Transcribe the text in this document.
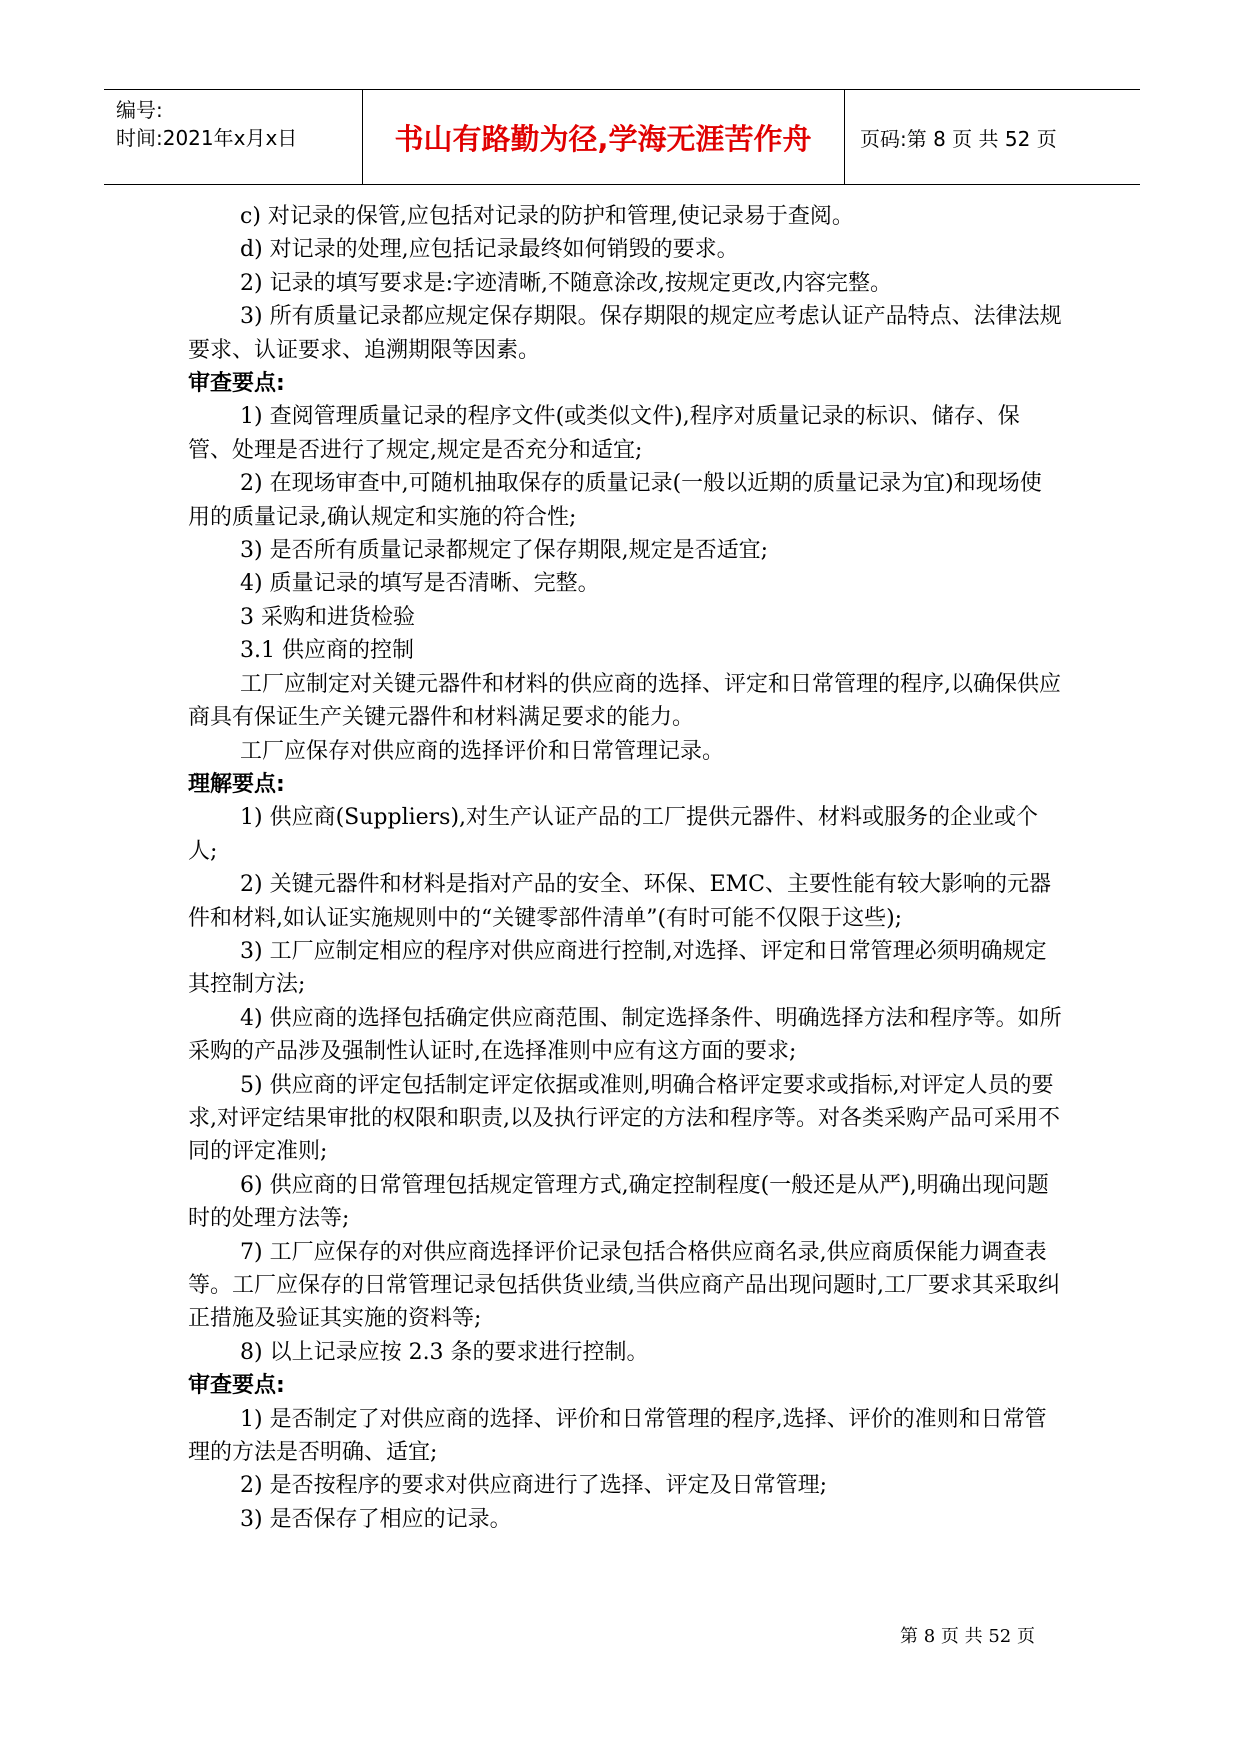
编号:
时间:2021年x月x日	书山有路勤为径,学海无涯苦作舟	页码:第 8 页 共 52 页

c) 对记录的保管,应包括对记录的防护和管理,使记录易于查阅。

d) 对记录的处理,应包括记录最终如何销毁的要求。

2) 记录的填写要求是:字迹清晰,不随意涂改,按规定更改,内容完整。

3) 所有质量记录都应规定保存期限。保存期限的规定应考虑认证产品特点、法律法规要求、认证要求、追溯期限等因素。

审查要点:

1) 查阅管理质量记录的程序文件(或类似文件),程序对质量记录的标识、储存、保管、处理是否进行了规定,规定是否充分和适宜;

2) 在现场审查中,可随机抽取保存的质量记录(一般以近期的质量记录为宜)和现场使用的质量记录,确认规定和实施的符合性;

3) 是否所有质量记录都规定了保存期限,规定是否适宜;

4) 质量记录的填写是否清晰、完整。

3 采购和进货检验

3.1 供应商的控制

工厂应制定对关键元器件和材料的供应商的选择、评定和日常管理的程序,以确保供应商具有保证生产关键元器件和材料满足要求的能力。

工厂应保存对供应商的选择评价和日常管理记录。

理解要点:

1) 供应商(Suppliers),对生产认证产品的工厂提供元器件、材料或服务的企业或个人;

2) 关键元器件和材料是指对产品的安全、环保、EMC、主要性能有较大影响的元器件和材料,如认证实施规则中的“关键零部件清单”(有时可能不仅限于这些);

3) 工厂应制定相应的程序对供应商进行控制,对选择、评定和日常管理必须明确规定其控制方法;

4) 供应商的选择包括确定供应商范围、制定选择条件、明确选择方法和程序等。如所采购的产品涉及强制性认证时,在选择准则中应有这方面的要求;

5) 供应商的评定包括制定评定依据或准则,明确合格评定要求或指标,对评定人员的要求,对评定结果审批的权限和职责,以及执行评定的方法和程序等。对各类采购产品可采用不同的评定准则;

6) 供应商的日常管理包括规定管理方式,确定控制程度(一般还是从严),明确出现问题时的处理方法等;

7) 工厂应保存的对供应商选择评价记录包括合格供应商名录,供应商质保能力调查表等。工厂应保存的日常管理记录包括供货业绩,当供应商产品出现问题时,工厂要求其采取纠正措施及验证其实施的资料等;

8) 以上记录应按 2.3 条的要求进行控制。

审查要点:

1) 是否制定了对供应商的选择、评价和日常管理的程序,选择、评价的准则和日常管理的方法是否明确、适宜;

2) 是否按程序的要求对供应商进行了选择、评定及日常管理;

3) 是否保存了相应的记录。

第 8 页 共 52 页
